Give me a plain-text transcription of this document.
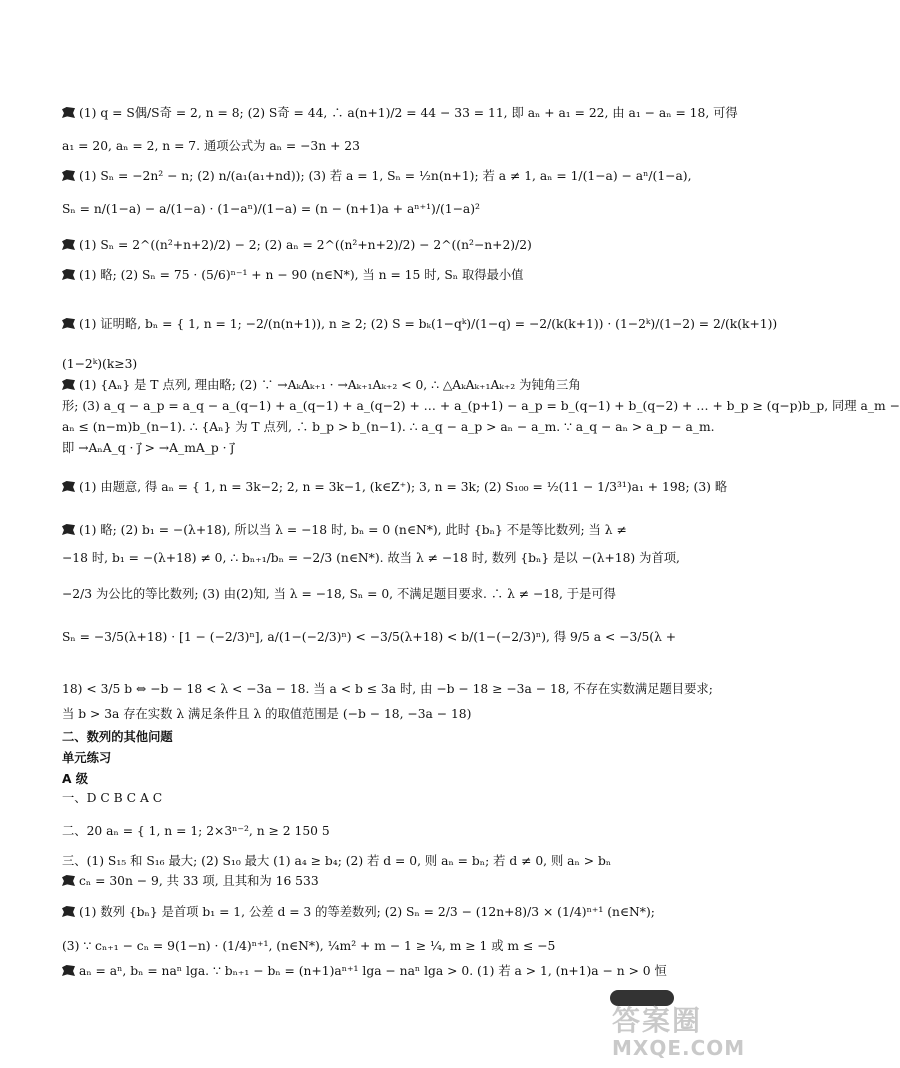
(1) q = S偶/S奇 = 2, n = 8; (2) S奇 = 44, ∴ a(n+1)/2 = 44 − 33 = 11, 即 aₙ + a₁ = 22, 由 a₁ − aₙ = 18, 可得
a₁ = 20, aₙ = 2, n = 7. 通项公式为 aₙ = −3n + 23
(1) Sₙ = −2n² − n; (2) n/(a₁(a₁+nd)); (3) 若 a = 1, Sₙ = ½n(n+1); 若 a ≠ 1, aₙ = 1/(1−a) − aⁿ/(1−a),
Sₙ = n/(1−a) − a/(1−a) · (1−aⁿ)/(1−a) = (n − (n+1)a + aⁿ⁺¹)/(1−a)²
(1) Sₙ = 2^((n²+n+2)/2) − 2; (2) aₙ = 2^((n²+n+2)/2) − 2^((n²−n+2)/2)
(1) 略; (2) Sₙ = 75 · (5/6)ⁿ⁻¹ + n − 90 (n∈N*), 当 n = 15 时, Sₙ 取得最小值
(1) 证明略, bₙ = { 1, n = 1; −2/(n(n+1)), n ≥ 2; (2) S = bₖ(1−qᵏ)/(1−q) = −2/(k(k+1)) · (1−2ᵏ)/(1−2) = 2/(k(k+1))
(1−2ᵏ)(k≥3)
(1) {Aₙ} 是 T 点列, 理由略; (2) ∵ →AₖAₖ₊₁ · →Aₖ₊₁Aₖ₊₂ < 0, ∴ △AₖAₖ₊₁Aₖ₊₂ 为钝角三角
形; (3) a_q − a_p = a_q − a_(q−1) + a_(q−1) + a_(q−2) + … + a_(p+1) − a_p = b_(q−1) + b_(q−2) + … + b_p ≥ (q−p)b_p, 同理 a_m −
aₙ ≤ (n−m)b_(n−1). ∴ {Aₙ} 为 T 点列, ∴ b_p > b_(n−1). ∴ a_q − a_p > aₙ − a_m. ∵ a_q − aₙ > a_p − a_m.
即 →AₙA_q · j⃗ > →A_mA_p · j⃗
(1) 由题意, 得 aₙ = { 1, n = 3k−2; 2, n = 3k−1, (k∈Z⁺); 3, n = 3k; (2) S₁₀₀ = ½(11 − 1/3³¹)a₁ + 198; (3) 略
(1) 略; (2) b₁ = −(λ+18), 所以当 λ = −18 时, bₙ = 0 (n∈N*), 此时 {bₙ} 不是等比数列; 当 λ ≠
−18 时, b₁ = −(λ+18) ≠ 0, ∴ bₙ₊₁/bₙ = −2/3 (n∈N*). 故当 λ ≠ −18 时, 数列 {bₙ} 是以 −(λ+18) 为首项,
−2/3 为公比的等比数列; (3) 由(2)知, 当 λ = −18, Sₙ = 0, 不满足题目要求. ∴ λ ≠ −18, 于是可得
Sₙ = −3/5(λ+18) · [1 − (−2/3)ⁿ], a/(1−(−2/3)ⁿ) < −3/5(λ+18) < b/(1−(−2/3)ⁿ), 得 9/5 a < −3/5(λ +
18) < 3/5 b ⇔ −b − 18 < λ < −3a − 18. 当 a < b ≤ 3a 时, 由 −b − 18 ≥ −3a − 18, 不存在实数满足题目要求;
当 b > 3a 存在实数 λ 满足条件且 λ 的取值范围是 (−b − 18, −3a − 18)
二、数列的其他问题
单元练习
A 级
一、D C B C A C
二、20 aₙ = { 1, n = 1; 2×3ⁿ⁻², n ≥ 2 150 5
三、(1) S₁₅ 和 S₁₆ 最大; (2) S₁₀ 最大 (1) a₄ ≥ b₄; (2) 若 d = 0, 则 aₙ = bₙ; 若 d ≠ 0, 则 aₙ > bₙ
cₙ = 30n − 9, 共 33 项, 且其和为 16 533
(1) 数列 {bₙ} 是首项 b₁ = 1, 公差 d = 3 的等差数列; (2) Sₙ = 2/3 − (12n+8)/3 × (1/4)ⁿ⁺¹ (n∈N*);
(3) ∵ cₙ₊₁ − cₙ = 9(1−n) · (1/4)ⁿ⁺¹, (n∈N*), ¼m² + m − 1 ≥ ¼, m ≥ 1 或 m ≤ −5
aₙ = aⁿ, bₙ = naⁿ lga. ∵ bₙ₊₁ − bₙ = (n+1)aⁿ⁺¹ lga − naⁿ lga > 0. (1) 若 a > 1, (n+1)a − n > 0 恒
答案圈
MXQE.COM
